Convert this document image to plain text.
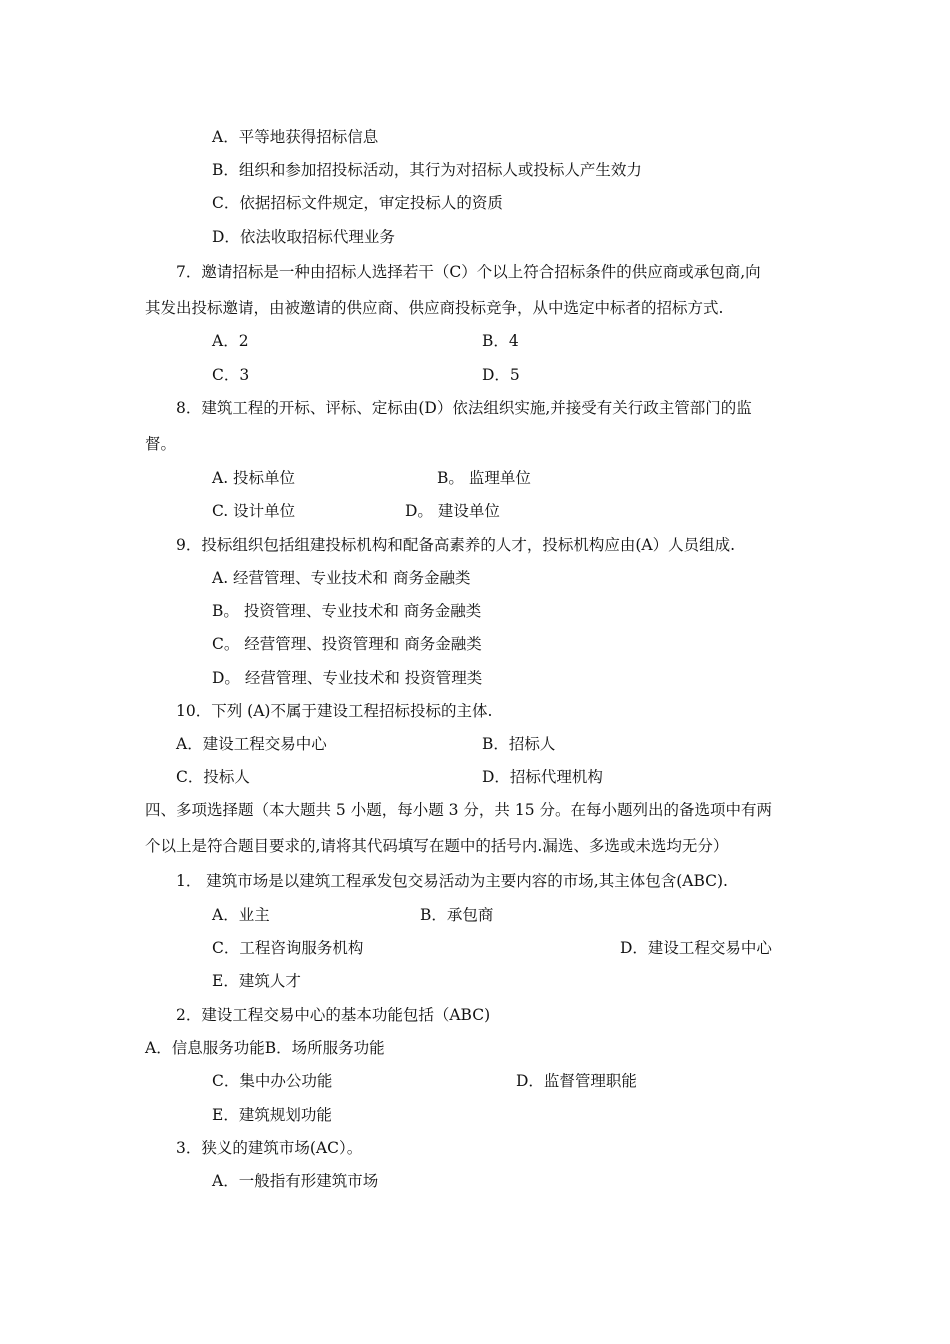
A．平等地获得招标信息
B．组织和参加招投标活动，其行为对招标人或投标人产生效力
C．依据招标文件规定，审定投标人的资质
D．依法收取招标代理业务
7．邀请招标是一种由招标人选择若干（C）个以上符合招标条件的供应商或承包商,向
其发出投标邀请，由被邀请的供应商、供应商投标竞争，从中选定中标者的招标方式.
A．2	B．4
C．3	D．5
8．建筑工程的开标、评标、定标由(D）依法组织实施,并接受有关行政主管部门的监
督。
A. 投标单位	B。 监理单位
C. 设计单位	D。 建设单位
9．投标组织包括组建投标机构和配备高素养的人才，投标机构应由(A）人员组成.
A. 经营管理、专业技术和 商务金融类
B。 投资管理、专业技术和 商务金融类
C。 经营管理、投资管理和 商务金融类
D。 经营管理、专业技术和 投资管理类
10．下列 (A)不属于建设工程招标投标的主体.
A．建设工程交易中心	B．招标人
C．投标人	D．招标代理机构
四、多项选择题（本大题共 5 小题，每小题 3 分，共 15 分。在每小题列出的备选项中有两
个以上是符合题目要求的,请将其代码填写在题中的括号内.漏选、多选或未选均无分）
1． 建筑市场是以建筑工程承发包交易活动为主要内容的市场,其主体包含(ABC).
A．业主	B．承包商
C．工程咨询服务机构	D．建设工程交易中心
E．建筑人才
2．建设工程交易中心的基本功能包括（ABC)
A．信息服务功能B．场所服务功能
C．集中办公功能	D．监督管理职能
E．建筑规划功能
3．狭义的建筑市场(AC）。
A．一般指有形建筑市场
